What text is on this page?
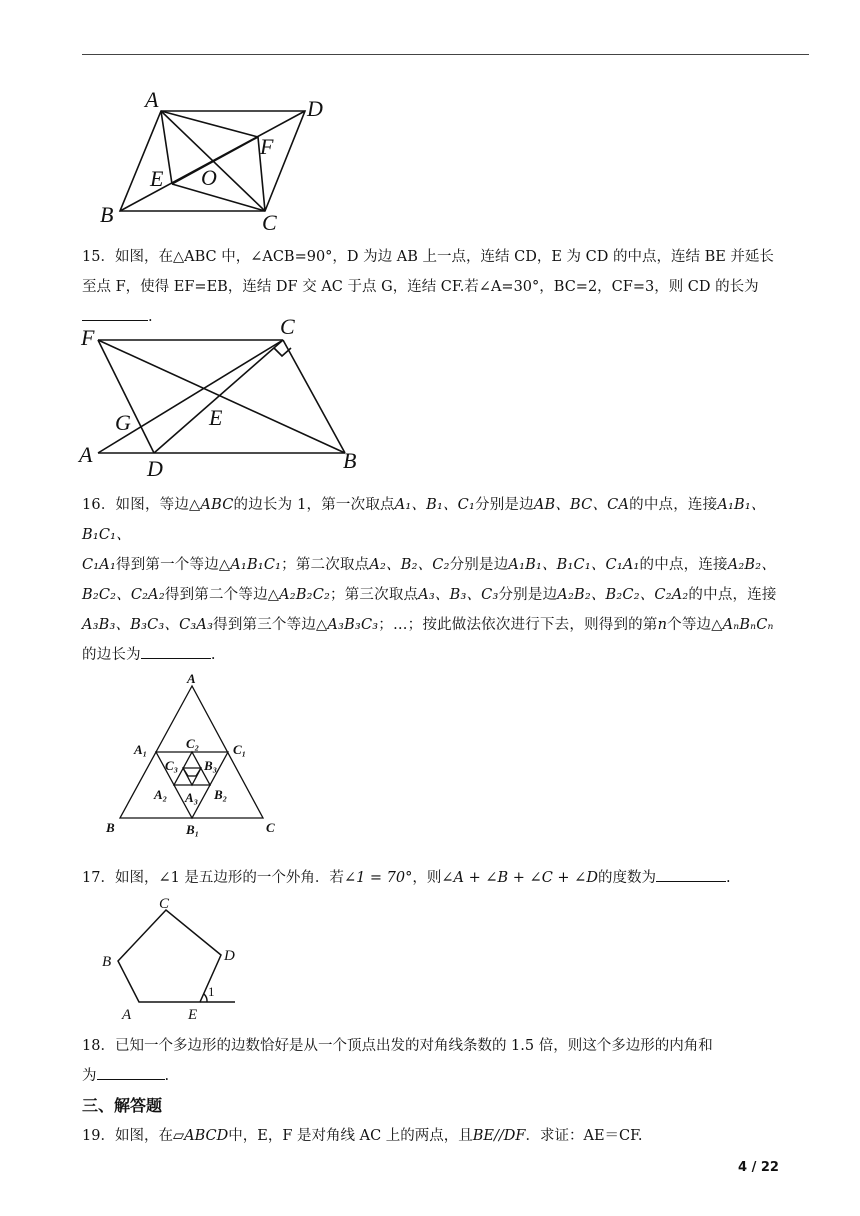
A	D
F
E O
B	C

15．如图，在△ABC 中，∠ACB=90°，D 为边 AB 上一点，连结 CD，E 为 CD 的中点，连结 BE 并延长

至点 F，使得 EF=EB，连结 DF 交 AC 于点 G，连结 CF.若∠A=30°，BC=2，CF=3，则 CD 的长为.

F	C
G	E
A
D	B

16．如图，等边△ABC的边长为 1，第一次取点A₁、B₁、C₁分别是边AB、BC、CA的中点，连接A₁B₁、B₁C₁、

C₁A₁得到第一个等边△A₁B₁C₁；第二次取点A₂、B₂、C₂分别是边A₁B₁、B₁C₁、C₁A₁的中点，连接A₂B₂、

B₂C₂、C₂A₂得到第二个等边△A₂B₂C₂；第三次取点A₃、B₃、C₃分别是边A₂B₂、B₂C₂、C₂A₂的中点，连接

A₃B₃、B₃C₃、C₃A₃得到第三个等边△A₃B₃C₃；…；按此做法依次进行下去，则得到的第n个等边△AₙBₙCₙ

的边长为	.

A
B	C
A₁	C₁
B₁
C₂
A₂	B₂
C₃ B₃
A₃

17．如图，∠1 是五边形的一个外角．若∠1 = 70°，则∠A + ∠B + ∠C + ∠D的度数为	.

C
B	D
A	E
1

18．已知一个多边形的边数恰好是从一个顶点出发的对角线条数的 1.5 倍，则这个多边形的内角和

为	.

三、解答题

19．如图，在▱ABCD中，E，F 是对角线 AC 上的两点，且BE//DF．求证：AE＝CF.

4 / 22
